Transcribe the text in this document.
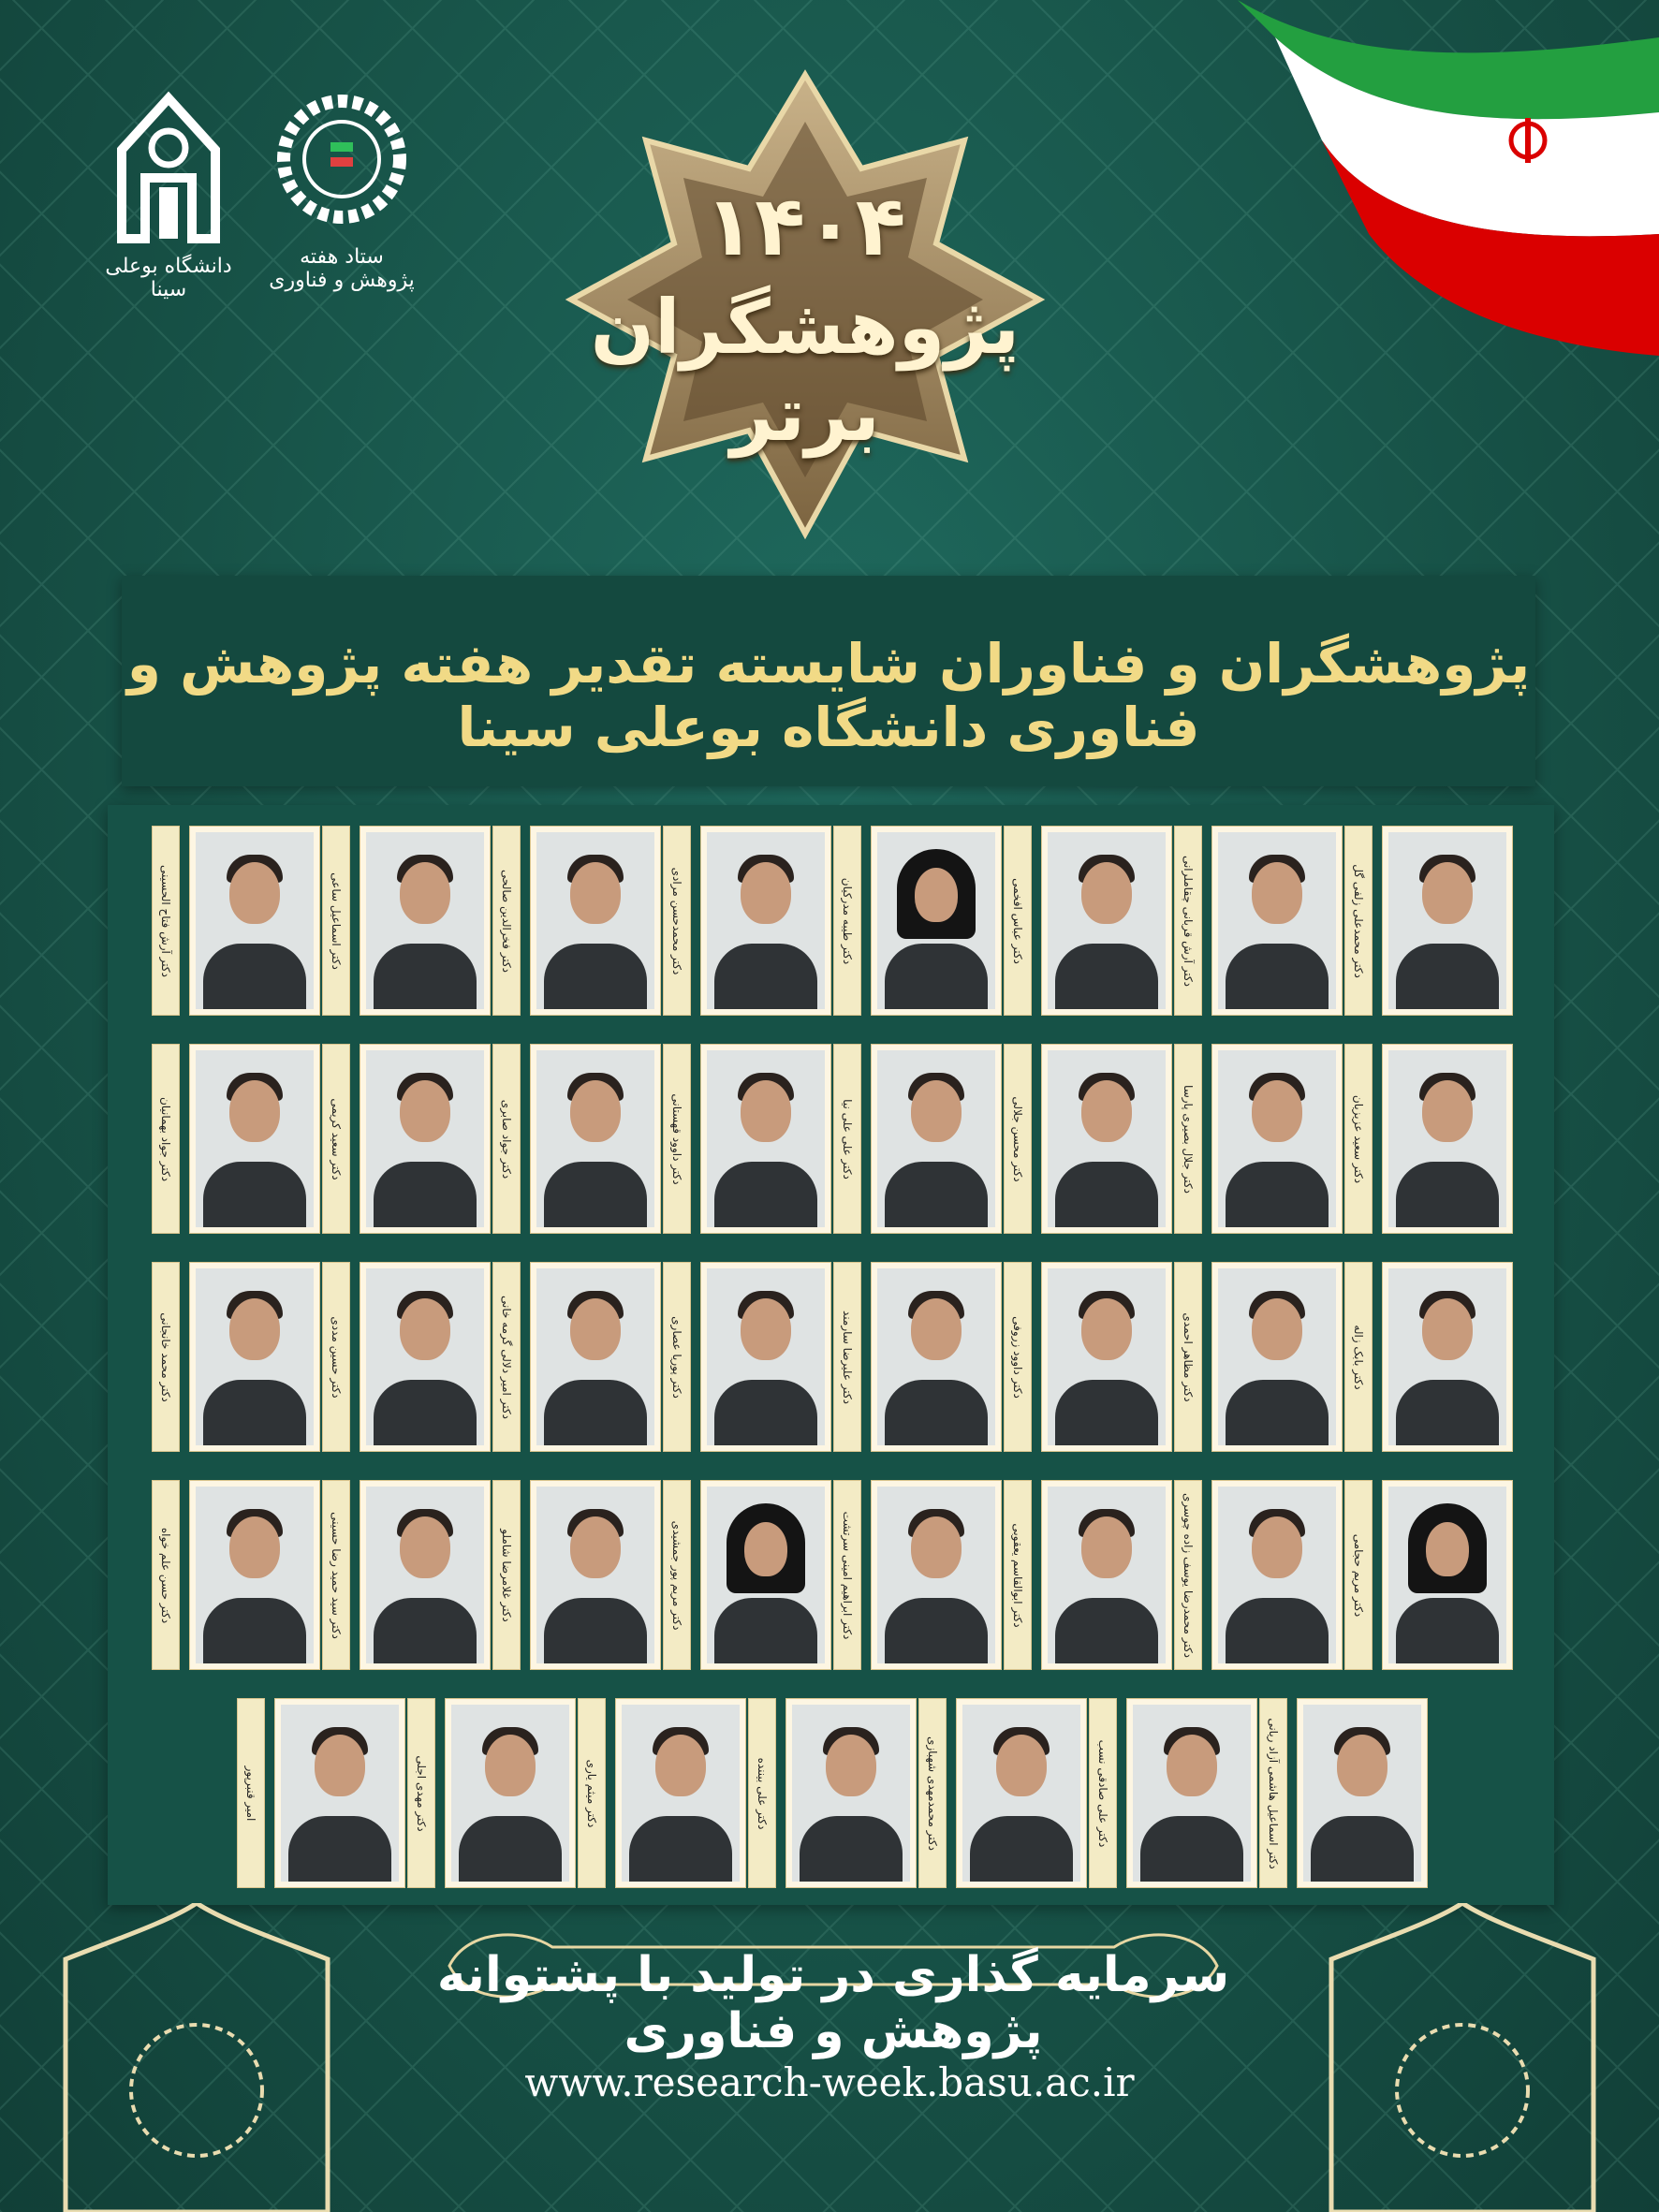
دانشگاه بوعلی سینا
ستاد هفته پژوهش و فناوری
۱۴۰۴
پژوهشگران برتر
پژوهشگران و فناوران شایسته تقدیر هفته پژوهش و فناوری دانشگاه بوعلی سینا
دکتر محمدعلی زلفی گل
دکتر آرش قربانی چقاملرانی
دکتر عباس افخمی
دکتر طیبه مدرکیان
دکتر محمدحسن مرادی
دکتر فخرالدین صالحی
دکتر اسماعیل ساعی
دکتر آرش فتاح الحسینی
دکتر سعید عزیزیان
دکتر جلال بصیری پارسا
دکتر محسن جلالی
دکتر علی علی نیا
دکتر داوود قهستانی
دکتر جواد صابری
دکتر سعید کریمی
دکتر جواد بهمانیان
دکتر بابک زاله
دکتر مظاهر احمدی
دکتر داوود زروفی
دکتر علیرضا سارمند
دکتر پوریا عصاری
دکتر امیر دلالی گرمه خانی
دکتر حسین مددی
دکتر محمد خانجانی
دکتر مریم حجامی
دکتر محمدرضا یوسف زاده چوسری
دکتر ابوالقاسم یعقوبی
دکتر ابراهیم امینی سرتشت
دکتر مریم پور جمشیدی
دکتر غلامرضا شاملو
دکتر سید حمید رضا حسینی
دکتر حسن علم خواه
دکتر اسماعیل هاشمی آزاد ریانی
دکتر علی صادقی نسب
دکتر محمدمهدی شهبازی
دکتر علی بیننده
دکتر میثم یاری
دکتر مهدی اجلی
امیر قنبرپور
سرمایه گذاری در تولید با پشتوانه پژوهش و فناوری
www.research-week.basu.ac.ir
